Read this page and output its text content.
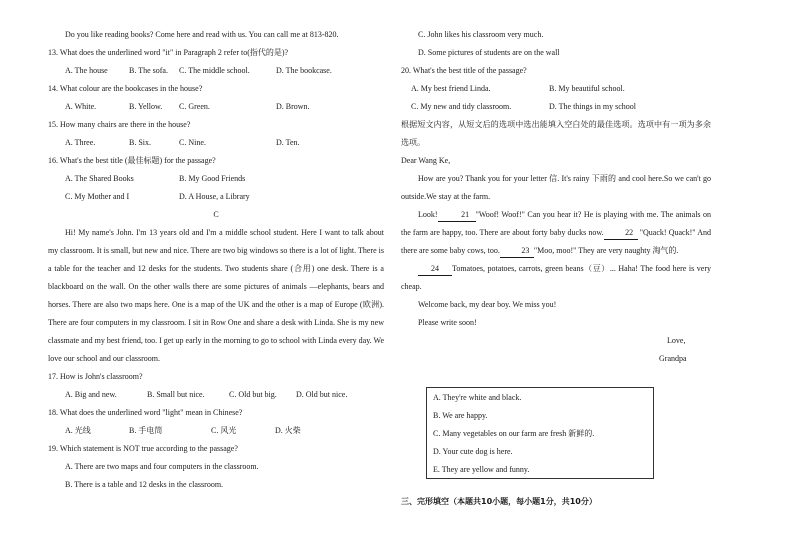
Do you like reading books? Come here and read with us. You can call me at 813-820.
13. What does the underlined word "it" in Paragraph 2 refer to(指代的是)?
A. The house	B. The sofa.	C. The middle school.	D. The bookcase.
14. What colour are the bookcases in the house?
A. White.	B. Yellow.	C. Green.	D. Brown.
15. How many chairs are there in the house?
A. Three.	B. Six.	C. Nine.	D. Ten.
16. What's the best title (最佳标题) for the passage?
A. The Shared Books	B. My Good Friends
C. My Mother and I	D. A House, a Library
C

Hi! My name's John. I'm 13 years old and I'm a middle school student. Here I want to talk about my classroom. It is small, but new and nice. There are two big windows so there is a lot of light. There is a table for the teacher and 12 desks for the students. Two students share (合用) one desk. There is a blackboard on the wall. On the other walls there are some pictures of animals —elephants, bears and horses. There are also two maps here. One is a map of the UK and the other is a map of Europe (欧洲). There are four computers in my classroom. I sit in Row One and share a desk with Linda. She is my new classmate and my best friend, too. I get up early in the morning to go to school with Linda every day. We love our school and our classroom.

17. How is John's classroom?
A. Big and new.	B. Small but nice.	C. Old but big.	D. Old but nice.
18. What does the underlined word "light" mean in Chinese?
A. 光线	B. 手电筒	C. 风光	D. 火柴
19. Which statement is NOT true according to the passage?
A. There are two maps and four computers in the classroom.
B. There is a table and 12 desks in the classroom.
C. John likes his classroom very much.
D. Some pictures of students are on the wall
20. What's the best title of the passage?
A. My best friend Linda.	B. My beautiful school.
C. My new and tidy classroom.	D. The things in my school

根据短文内容，从短文后的选项中选出能填入空白处的最佳选项。选项中有一项为多余选项。

Dear Wang Ke,

How are you? Thank you for your letter 信. It's rainy 下雨的 and cool here.So we can't go outside.We stay at the farm.

Look!	21 "Woof! Woof!" Can you hear it? He is playing with me. The animals on the farm are happy, too. There are about forty baby ducks now.	22 "Quack! Quack!" And there are some baby cows, too.	23 "Moo, moo!" They are very naughty 淘气的.

24 Tomatoes, potatoes, carrots, green beans（豆）... Haha! The food here is very cheap.

Welcome back, my dear boy. We miss you!
Please write soon!
Love,
Grandpa
A. They're white and black.
B. We are happy.
C. Many vegetables on our farm are fresh 新鲜的.
D. Your cute dog is here.
E. They are yellow and funny.
三、完形填空（本题共10小题，每小题1分，共10分）
